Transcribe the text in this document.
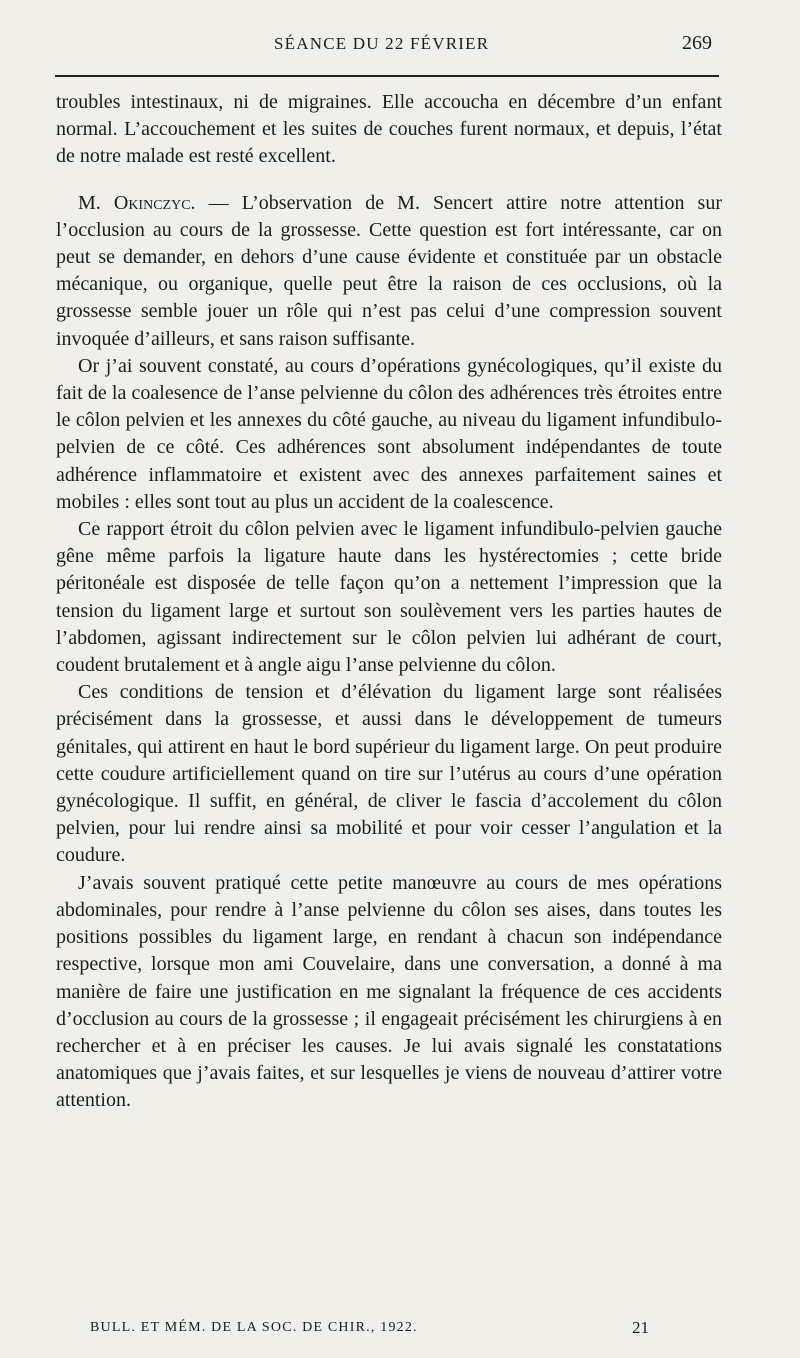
SÉANCE DU 22 FÉVRIER	269

troubles intestinaux, ni de migraines. Elle accoucha en décembre d’un enfant normal. L’accouchement et les suites de couches furent normaux, et depuis, l’état de notre malade est resté excellent.

M. Okinczyc. — L’observation de M. Sencert attire notre attention sur l’occlusion au cours de la grossesse. Cette question est fort intéressante, car on peut se demander, en dehors d’une cause évidente et constituée par un obstacle mécanique, ou organique, quelle peut être la raison de ces occlusions, où la grossesse semble jouer un rôle qui n’est pas celui d’une compression souvent invoquée d’ailleurs, et sans raison suffisante.

Or j’ai souvent constaté, au cours d’opérations gynécologiques, qu’il existe du fait de la coalesence de l’anse pelvienne du côlon des adhérences très étroites entre le côlon pelvien et les annexes du côté gauche, au niveau du ligament infundibulo-pelvien de ce côté. Ces adhérences sont absolument indépendantes de toute adhérence inflammatoire et existent avec des annexes parfaitement saines et mobiles : elles sont tout au plus un accident de la coalescence.

Ce rapport étroit du côlon pelvien avec le ligament infundibulo-pelvien gauche gêne même parfois la ligature haute dans les hystérectomies ; cette bride péritonéale est disposée de telle façon qu’on a nettement l’impression que la tension du ligament large et surtout son soulèvement vers les parties hautes de l’abdomen, agissant indirectement sur le côlon pelvien lui adhérant de court, coudent brutalement et à angle aigu l’anse pelvienne du côlon.

Ces conditions de tension et d’élévation du ligament large sont réalisées précisément dans la grossesse, et aussi dans le développement de tumeurs génitales, qui attirent en haut le bord supérieur du ligament large. On peut produire cette coudure artificiellement quand on tire sur l’utérus au cours d’une opération gynécologique. Il suffit, en général, de cliver le fascia d’accolement du côlon pelvien, pour lui rendre ainsi sa mobilité et pour voir cesser l’angulation et la coudure.

J’avais souvent pratiqué cette petite manœuvre au cours de mes opérations abdominales, pour rendre à l’anse pelvienne du côlon ses aises, dans toutes les positions possibles du ligament large, en rendant à chacun son indépendance respective, lorsque mon ami Couvelaire, dans une conversation, a donné à ma manière de faire une justification en me signalant la fréquence de ces accidents d’occlusion au cours de la grossesse ; il engageait précisément les chirurgiens à en rechercher et à en préciser les causes. Je lui avais signalé les constatations anatomiques que j’avais faites, et sur lesquelles je viens de nouveau d’attirer votre attention.

BULL. ET MÉM. DE LA SOC. DE CHIR., 1922.	21
